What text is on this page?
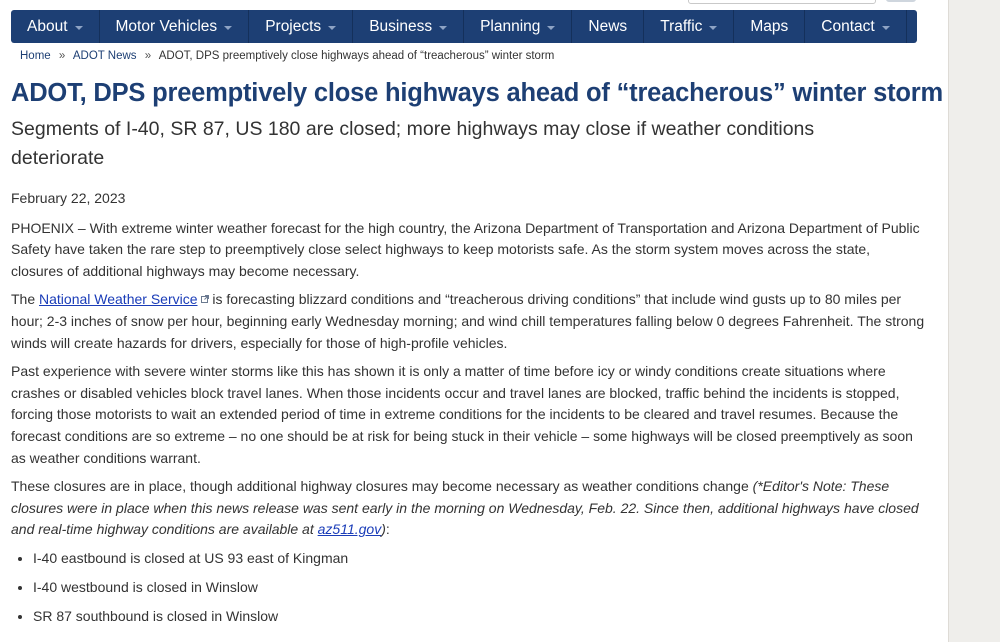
About	Motor Vehicles	Projects	Business	Planning	News Traffic	Maps Contact
Home » ADOT News » ADOT, DPS preemptively close highways ahead of “treacherous” winter storm
ADOT, DPS preemptively close highways ahead of “treacherous” winter storm
Segments of I-40, SR 87, US 180 are closed; more highways may close if weather conditions deteriorate

February 22, 2023

PHOENIX – With extreme winter weather forecast for the high country, the Arizona Department of Transportation and Arizona Department of Public Safety have taken the rare step to preemptively close select highways to keep motorists safe. As the storm system moves across the state, closures of additional highways may become necessary.

The National Weather Service
is forecasting blizzard conditions and “treacherous driving conditions” that include wind gusts up to 80 miles per hour; 2-3 inches of snow per hour, beginning early Wednesday morning; and wind chill temperatures falling below 0 degrees Fahrenheit. The strong winds will create hazards for drivers, especially for those of high-profile vehicles.

Past experience with severe winter storms like this has shown it is only a matter of time before icy or windy conditions create situations where crashes or disabled vehicles block travel lanes. When those incidents occur and travel lanes are blocked, traffic behind the incidents is stopped, forcing those motorists to wait an extended period of time in extreme conditions for the incidents to be cleared and travel resumes. Because the forecast conditions are so extreme – no one should be at risk for being stuck in their vehicle – some highways will be closed preemptively as soon as weather conditions warrant.

These closures are in place, though additional highway closures may become necessary as weather conditions change (*Editor's Note: These closures were in place when this news release was sent early in the morning on Wednesday, Feb. 22. Since then, additional highways have closed and real-time highway conditions are available at az511.gov):

• I-40 eastbound is closed at US 93 east of Kingman
• I-40 westbound is closed in Winslow
• SR 87 southbound is closed in Winslow
